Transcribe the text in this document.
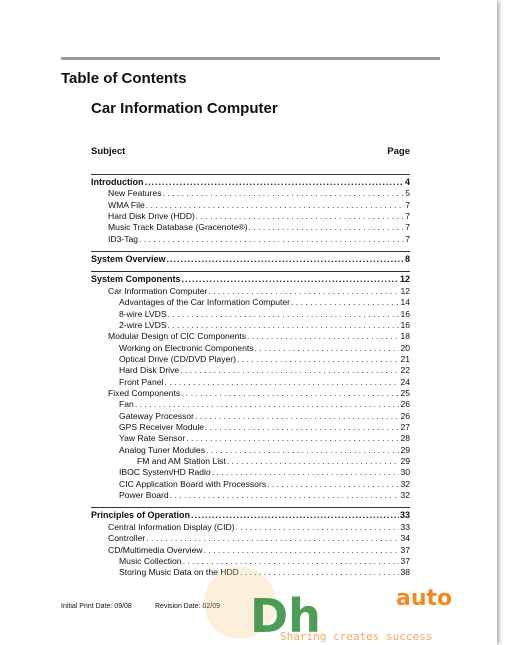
Table of Contents
Car Information Computer
Subject	Page
Introduction .....	4
New Features . . .	5
WMA File . . .	7
Hard Disk Drive (HDD) . . .	7
Music Track Database (Gracenote®) . . .	7
ID3-Tag . . .	7
System Overview .....	8
System Components .....	12
Car Information Computer . . .	12
Advantages of the Car Information Computer . . .	14
8-wire LVDS . . .	16
2-wire LVDS . . .	16
Modular Design of CIC Components . . .	18
Working on Electronic Components . . .	20
Optical Drive (CD/DVD Player) . . .	21
Hard Disk Drive . . .	22
Front Panel . . .	24
Fixed Components . . .	25
Fan . . .	26
Gateway Processor . . .	26
GPS Receiver Module . . .	27
Yaw Rate Sensor . . .	28
Analog Tuner Modules . . .	29
FM and AM Station List . . .	29
IBOC System/HD Radio . . .	30
CIC Application Board with Processors . . .	32
Power Board . . .	32
Principles of Operation .....	33
Central Information Display (CID) . . .	33
Controller . . .	34
CD/Multimedia Overview . . .	37
Music Collection . . .	37
Storing Music Data on the HDD . . .	38
Initial Print Date: 09/08	Revision Date: 02/09 Dh	auto
Sharing creates success
